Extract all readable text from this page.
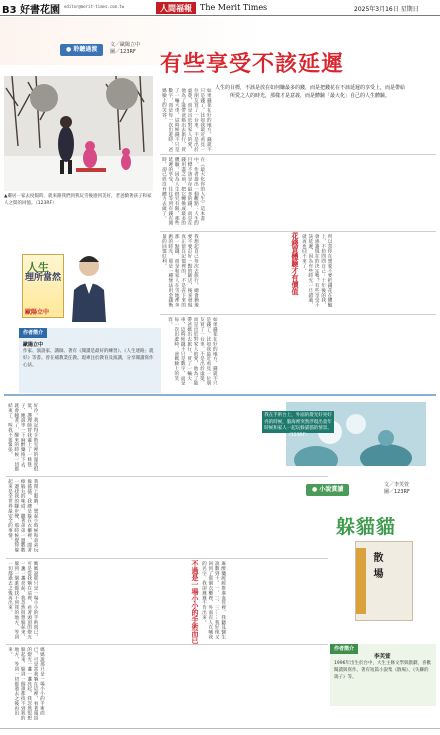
B3 好書花園 editor@merit-times.com.tw	人間福報	The Merit Times	2025年3月16日 星期日
● 聆聽過渡
文／歐陽立中
圖／123RF	有些享受不該延遲
人生的目標，不該是放在如何賺最多的錢，而是把錢花在不該延遲的享受上，而是帶給所愛之人的時光，那樣才是意義，而是體驗「最大化」自己的人生體驗。
▲鄰居一家去度假時，就來跟我們到我玩雪後感到美好，老爸騎著孩子和家人之間的回憶。（123RF）
人生
理所當然
歐陽立中
作者簡介
歐陽立中
作家、演說家、講師。著有《閱讀是最好的練習》、《人生迷路」就好》等書。曾在補教業任教。現專注於教育及演講，分享閱讀寫作心法。
如果錢花在好的地方，錢就不只是錢了。比如我最近看見一位朋友買了一台車，不是出於虛榮，而是出於對家人的愛，他為了能帶爸媽出去旅行，買了一輛大車，這時候錢不只是數字，而是每一次出遊時，爸媽臉上的笑容。
在《最大化你的人生》這本書中，作者提出一個觀點：人生的目標不該是存最多的錢，而是在錢用盡之前，把它轉換成最多的體驗。因為人生終究有限，那些延遲的享受，往往等到有錢有閒時，卻已經沒有體力去做了。
花錢買體驗才有價值
我想起自己每次去旅行，總會猶豫要不要訂好一點的飯店，後來發現真正留在記憶裡的，不是省下來的那一點錢，而是和家人在雪地裡奔跑的時光，那是一種無法用金錢衡量的回憶紅利。	所以當你在想要不要把錢花在體驗上，不妨問問自己：十年後的我，會感謝現在的決定嗎？有些享受不該延遲，因為有些時光一旦錯過，就再也回不來了。
如果錢花在好的地方，錢就不只是錢了。比如我最近看見一位朋友買了一台車，不是出於虛榮，而是出於對家人的愛，他為了能帶爸媽出去旅行，買了一輛大車，這時候錢不只是數字，而是每一次出遊時，爸媽臉上的笑容。
我在手術台上，外面的燈光好亮好亮的時候，腦海裡突然浮現出童年時候和家人一起玩躲貓貓的情景。（123RF）
● 小說賞讀
文／李芙萱
圖／123RF
躲貓貓
好冷。我記得手術室裡的溫度很低，護理師替我蓋上了一條毯子，她說等一下麻醉藥推下去，就會睡著了，醒來的時候一切都結束了，叫我不要緊張。
我閉上眼睛，想起小時候和弟弟玩躲貓貓。我總是躲在衣櫃裡，聞著樟腦丸的味道，聽著弟弟一邊數數一邊找我的腳步聲，那時候覺得躲起來是全世界最安全的事情。
不過是一場小小的手術而已
媽媽說那只是一場小小的手術而已。可是當我躺在這裡，看著頭頂的燈光一盞一盞亮起，我忽然很想躲起來，躲到一個誰都找不到我的地方，等到一切都過去之後再出來。	麻醉藥緩緩推進血管裡，我聽見醫生說數到十。一、二、三……我好像又回到了那個衣櫃裡，外面有人在喊我的名字，我卻遲遲不肯出來。
媽媽說那只是一場小小的手術而已。可是當我躺在這裡，看著頭頂的燈光一盞一盞亮起，我忽然很想躲起來，躲到一個誰都找不到我的地方，等到一切都過去之後再出來。
散場
作者簡介
李芙萱
1996年出生於台中，大生主修文學與戲劇，喜歡閱讀與寫作。著有短篇小說集《散場》、《失聯的鴿子》等。
